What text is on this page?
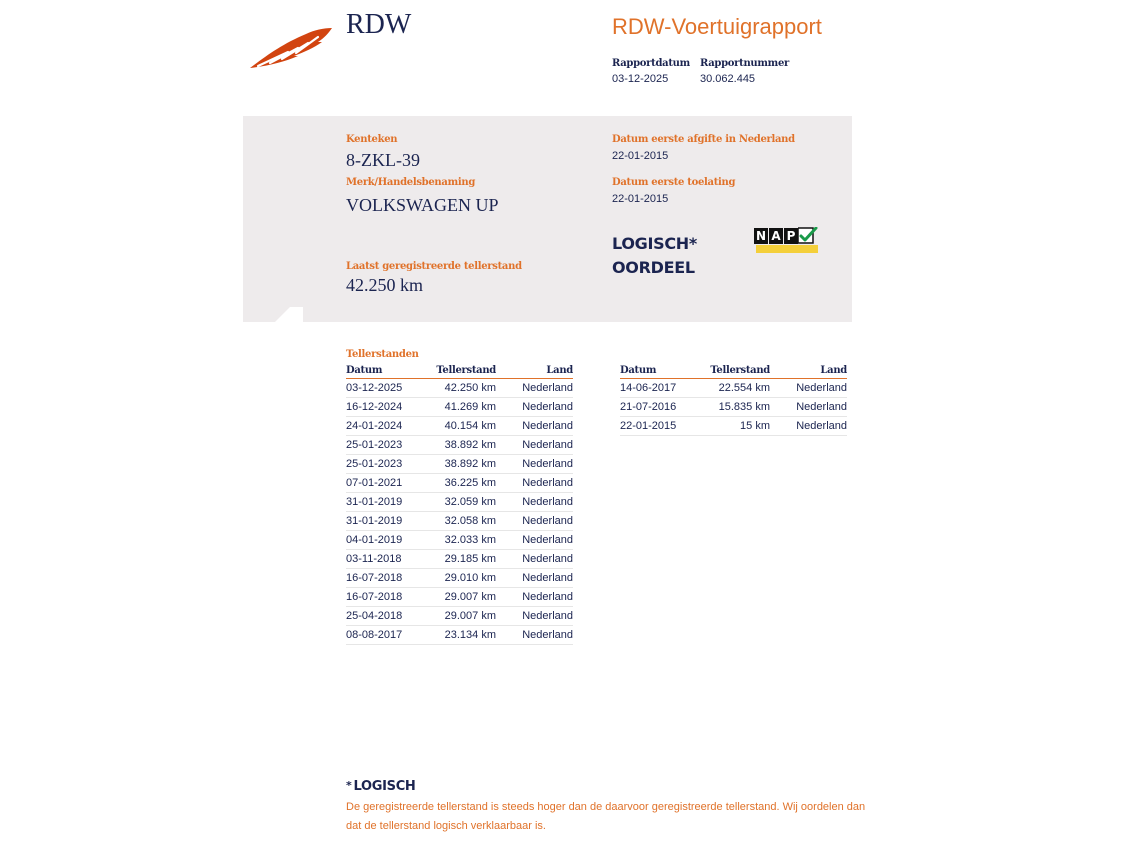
RDW	RDW-Voertuigrapport
Rapportdatum
03-12-2025
Rapportnummer
30.062.445
Kenteken
8-ZKL-39
Merk/Handelsbenaming
VOLKSWAGEN UP
Datum eerste afgifte in Nederland
22-01-2015
Datum eerste toelating
22-01-2015
Laatst geregistreerde tellerstand
42.250 km
LOGISCH*
OORDEEL
N A P
Tellerstanden
Datum	Tellerstand	Land
03-12-2025	42.250 km	Nederland
16-12-2024	41.269 km	Nederland
24-01-2024	40.154 km	Nederland
25-01-2023	38.892 km	Nederland
25-01-2023	38.892 km	Nederland
07-01-2021	36.225 km	Nederland
31-01-2019	32.059 km	Nederland
31-01-2019	32.058 km	Nederland
04-01-2019	32.033 km	Nederland
03-11-2018	29.185 km	Nederland
16-07-2018	29.010 km	Nederland
16-07-2018	29.007 km	Nederland
25-04-2018	29.007 km	Nederland
08-08-2017	23.134 km	Nederland
Datum	Tellerstand	Land
14-06-2017	22.554 km	Nederland
21-07-2016	15.835 km	Nederland
22-01-2015	15 km	Nederland
* LOGISCH
De geregistreerde tellerstand is steeds hoger dan de daarvoor geregistreerde tellerstand. Wij oordelen dan dat de tellerstand logisch verklaarbaar is.
